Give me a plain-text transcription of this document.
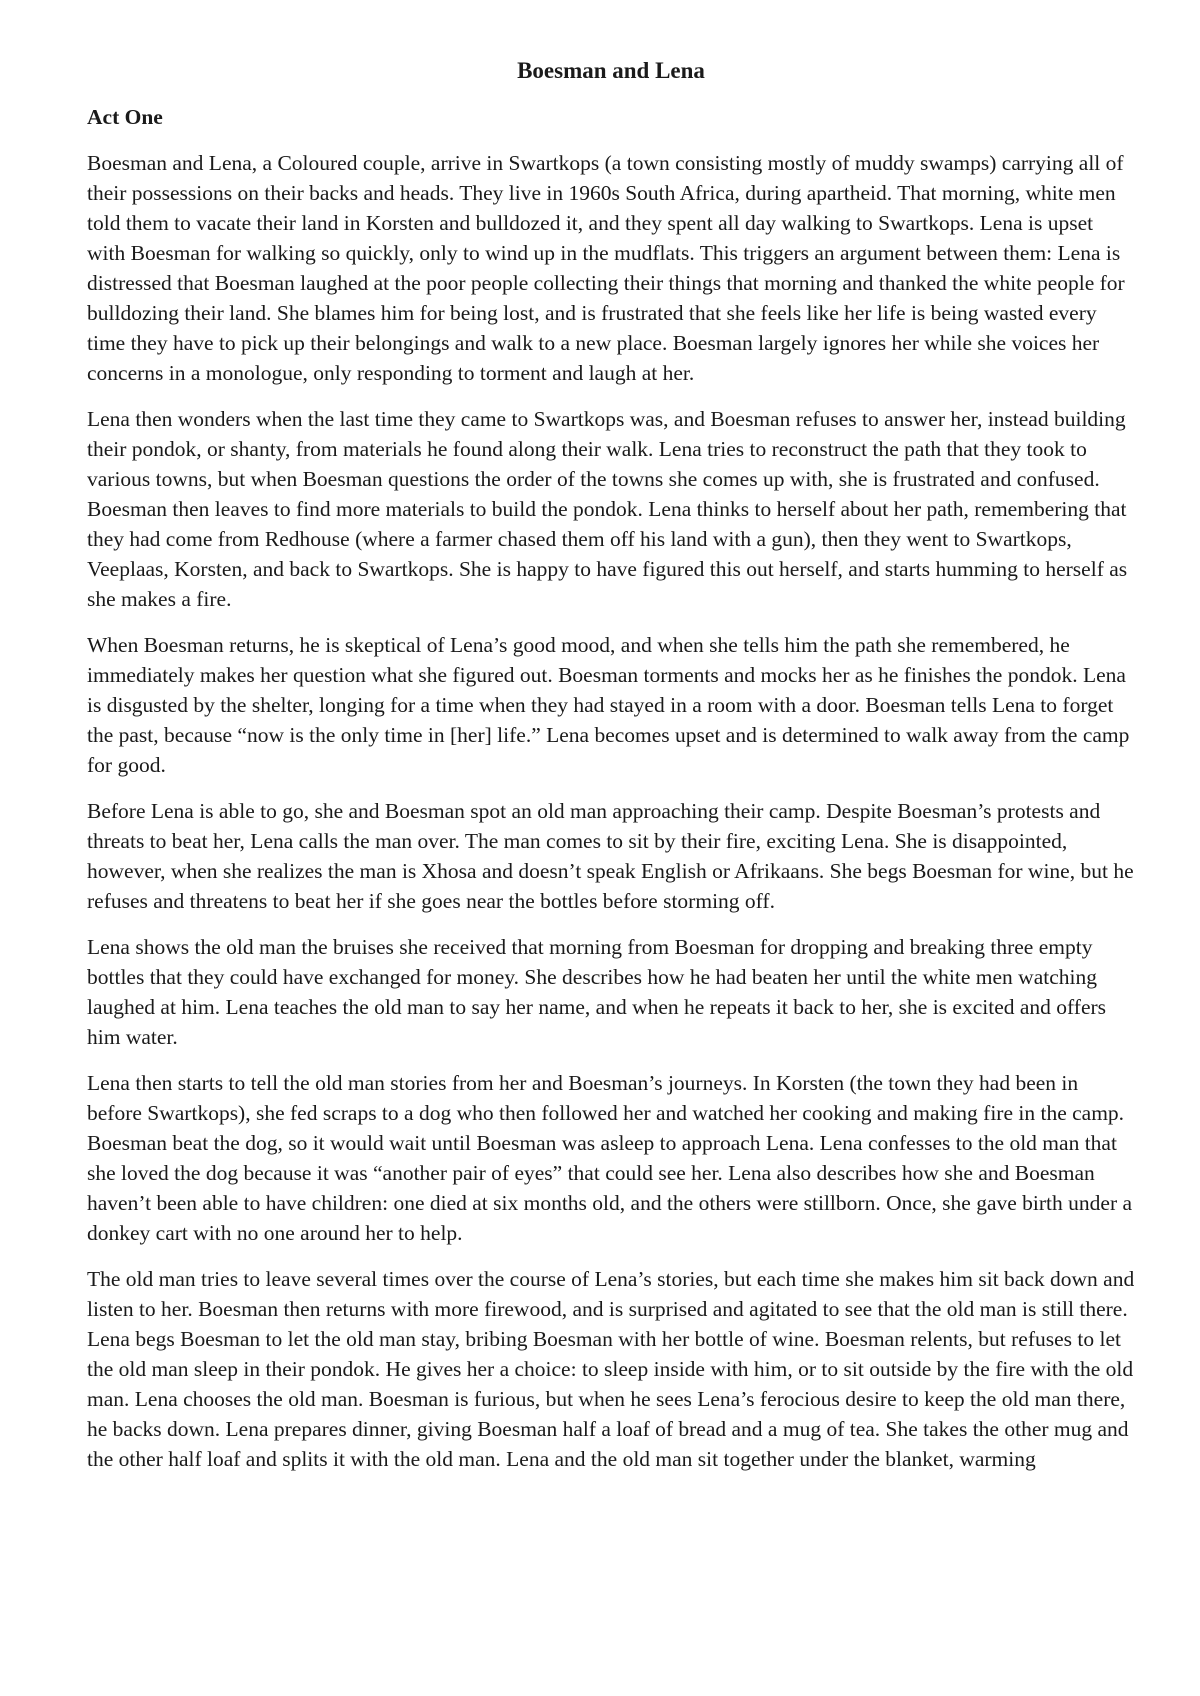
Boesman and Lena
Act One

Boesman and Lena, a Coloured couple, arrive in Swartkops (a town consisting mostly of muddy swamps) carrying all of their possessions on their backs and heads. They live in 1960s South Africa, during apartheid. That morning, white men told them to vacate their land in Korsten and bulldozed it, and they spent all day walking to Swartkops. Lena is upset with Boesman for walking so quickly, only to wind up in the mudflats. This triggers an argument between them: Lena is distressed that Boesman laughed at the poor people collecting their things that morning and thanked the white people for bulldozing their land. She blames him for being lost, and is frustrated that she feels like her life is being wasted every time they have to pick up their belongings and walk to a new place. Boesman largely ignores her while she voices her concerns in a monologue, only responding to torment and laugh at her.

Lena then wonders when the last time they came to Swartkops was, and Boesman refuses to answer her, instead building their pondok, or shanty, from materials he found along their walk. Lena tries to reconstruct the path that they took to various towns, but when Boesman questions the order of the towns she comes up with, she is frustrated and confused. Boesman then leaves to find more materials to build the pondok. Lena thinks to herself about her path, remembering that they had come from Redhouse (where a farmer chased them off his land with a gun), then they went to Swartkops, Veeplaas, Korsten, and back to Swartkops. She is happy to have figured this out herself, and starts humming to herself as she makes a fire.

When Boesman returns, he is skeptical of Lena’s good mood, and when she tells him the path she remembered, he immediately makes her question what she figured out. Boesman torments and mocks her as he finishes the pondok. Lena is disgusted by the shelter, longing for a time when they had stayed in a room with a door. Boesman tells Lena to forget the past, because “now is the only time in [her] life.” Lena becomes upset and is determined to walk away from the camp for good.

Before Lena is able to go, she and Boesman spot an old man approaching their camp. Despite Boesman’s protests and threats to beat her, Lena calls the man over. The man comes to sit by their fire, exciting Lena. She is disappointed, however, when she realizes the man is Xhosa and doesn’t speak English or Afrikaans. She begs Boesman for wine, but he refuses and threatens to beat her if she goes near the bottles before storming off.

Lena shows the old man the bruises she received that morning from Boesman for dropping and breaking three empty bottles that they could have exchanged for money. She describes how he had beaten her until the white men watching laughed at him. Lena teaches the old man to say her name, and when he repeats it back to her, she is excited and offers him water.

Lena then starts to tell the old man stories from her and Boesman’s journeys. In Korsten (the town they had been in before Swartkops), she fed scraps to a dog who then followed her and watched her cooking and making fire in the camp. Boesman beat the dog, so it would wait until Boesman was asleep to approach Lena. Lena confesses to the old man that she loved the dog because it was “another pair of eyes” that could see her. Lena also describes how she and Boesman haven’t been able to have children: one died at six months old, and the others were stillborn. Once, she gave birth under a donkey cart with no one around her to help.

The old man tries to leave several times over the course of Lena’s stories, but each time she makes him sit back down and listen to her. Boesman then returns with more firewood, and is surprised and agitated to see that the old man is still there. Lena begs Boesman to let the old man stay, bribing Boesman with her bottle of wine. Boesman relents, but refuses to let the old man sleep in their pondok. He gives her a choice: to sleep inside with him, or to sit outside by the fire with the old man. Lena chooses the old man. Boesman is furious, but when he sees Lena’s ferocious desire to keep the old man there, he backs down. Lena prepares dinner, giving Boesman half a loaf of bread and a mug of tea. She takes the other mug and the other half loaf and splits it with the old man. Lena and the old man sit together under the blanket, warming
